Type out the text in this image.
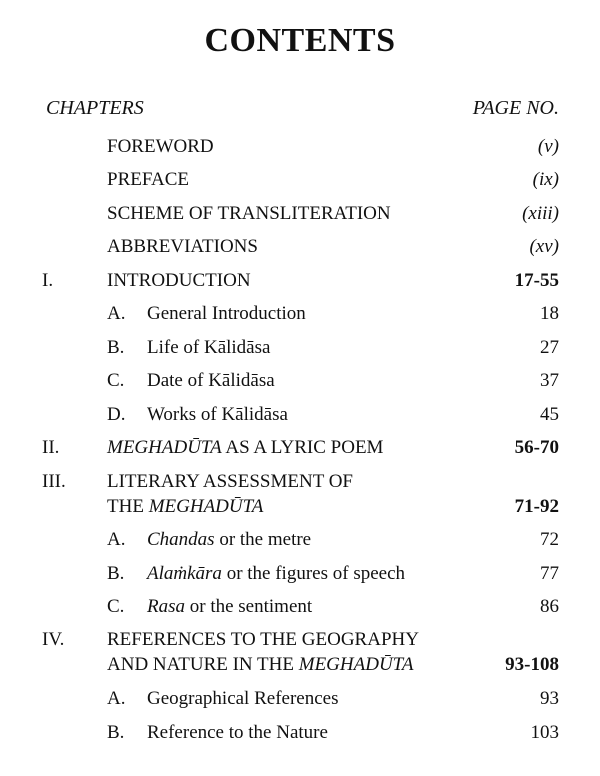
CONTENTS
CHAPTERS	PAGE NO.
FOREWORD	(v)
PREFACE	(ix)
SCHEME OF TRANSLITERATION	(xiii)
ABBREVIATIONS	(xv)
I.	INTRODUCTION	17-55
A. General Introduction	18
B. Life of Kālidāsa	27
C. Date of Kālidāsa	37
D. Works of Kālidāsa	45
II.	MEGHADŪTA AS A LYRIC POEM	56-70
III. LITERARY ASSESSMENT OF
THE MEGHADŪTA	71-92
A. Chandas or the metre	72
B. Alaṁkāra or the figures of speech	77
C. Rasa or the sentiment	86
IV. REFERENCES TO THE GEOGRAPHY
AND NATURE IN THE MEGHADŪTA	93-108
A. Geographical References	93
B. Reference to the Nature	103
